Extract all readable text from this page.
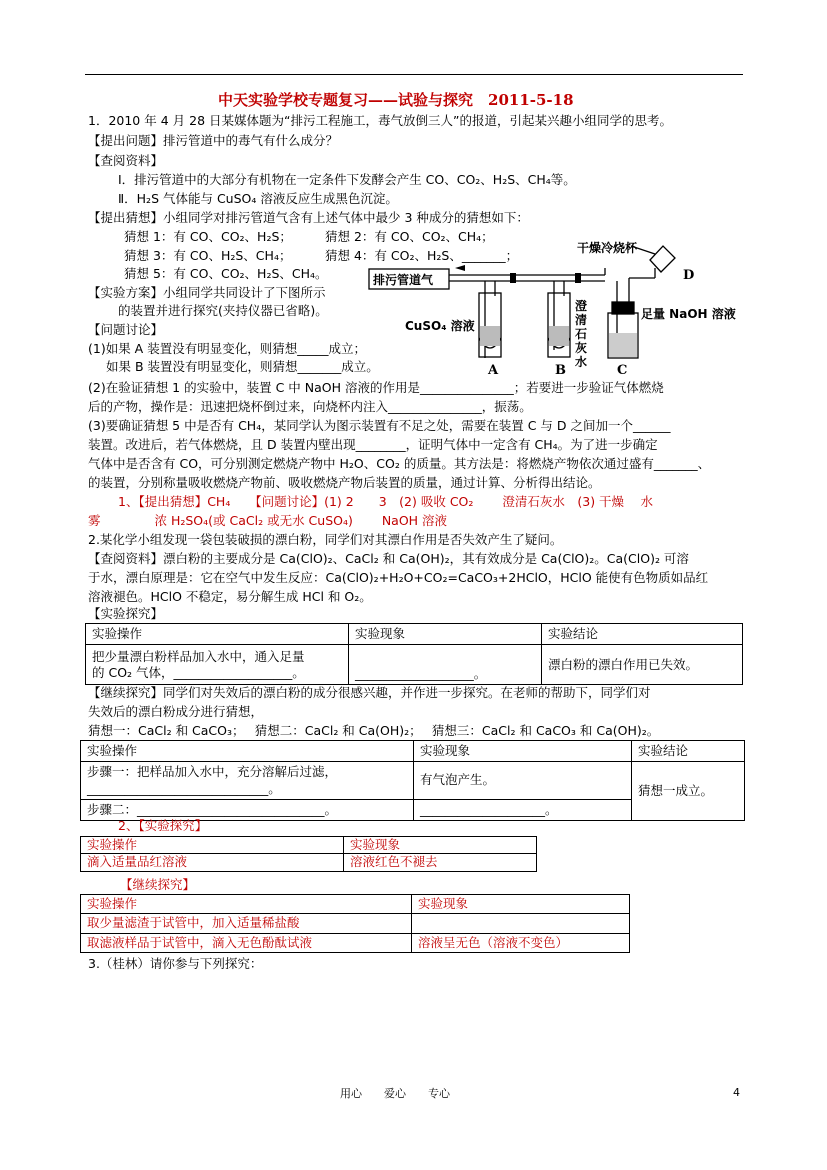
中天实验学校专题复习——试验与探究　2011-5-18
1．2010 年 4 月 28 日某媒体题为“排污工程施工，毒气放倒三人”的报道，引起某兴趣小组同学的思考。
【提出问题】排污管道中的毒气有什么成分？
【查阅资料】
Ⅰ．排污管道中的大部分有机物在一定条件下发酵会产生 CO、CO₂、H₂S、CH₄等。
Ⅱ．H₂S 气体能与 CuSO₄ 溶液反应生成黑色沉淀。
【提出猜想】小组同学对排污管道气含有上述气体中最少 3 种成分的猜想如下：
猜想 1：有 CO、CO₂、H₂S；	猜想 2：有 CO、CO₂、CH₄；
猜想 3：有 CO、H₂S、CH₄；	猜想 4：有 CO₂、H₂S、_______；
猜想 5：有 CO、CO₂、H₂S、CH₄。
【实验方案】小组同学共同设计了下图所示
的装置并进行探究(夹持仪器已省略)。
【问题讨论】
(1)如果 A 装置没有明显变化，则猜想_____成立；
如果 B 装置没有明显变化，则猜想_______成立。
排污管道气
干燥冷烧杯
D
CuSO₄ 溶液
澄
清
石
灰
水
足量 NaOH 溶液
A	B	C
(2)在验证猜想 1 的实验中，装置 C 中 NaOH 溶液的作用是_______________；若要进一步验证气体燃烧
后的产物，操作是：迅速把烧杯倒过来，向烧杯内注入_______________，振荡。
(3)要确证猜想 5 中是否有 CH₄，某同学认为图示装置有不足之处，需要在装置 C 与 D 之间加一个______
装置。改进后，若气体燃烧，且 D 装置内壁出现________，证明气体中一定含有 CH₄。为了进一步确定
气体中是否含有 CO，可分别测定燃烧产物中 H₂O、CO₂ 的质量。其方法是：将燃烧产物依次通过盛有_______、
的装置，分别称量吸收燃烧产物前、吸收燃烧产物后装置的质量，通过计算、分析得出结论。
1、【提出猜想】CH₄　　【问题讨论】(1) 2　　3　(2) 吸收 CO₂　　 澄清石灰水　(3) 干燥　 水
雾　　　　 浓 H₂SO₄(或 CaCl₂ 或无水 CuSO₄)　　 NaOH 溶液
2.某化学小组发现一袋包装破损的漂白粉，同学们对其漂白作用是否失效产生了疑问。
【查阅资料】漂白粉的主要成分是 Ca(ClO)₂、CaCl₂ 和 Ca(OH)₂，其有效成分是 Ca(ClO)₂。Ca(ClO)₂ 可溶
于水，漂白原理是：它在空气中发生反应：Ca(ClO)₂+H₂O+CO₂=CaCO₃+2HClO，HClO 能使有色物质如品红
溶液褪色。HClO 不稳定，易分解生成 HCl 和 O₂。
【实验探究】
实验操作	实验现象	实验结论

把少量漂白粉样品加入水中，通入足量
的 CO₂ 气体，___________________。	___________________。	漂白粉的漂白作用已失效。
【继续探究】同学们对失效后的漂白粉的成分很感兴趣，并作进一步探究。在老师的帮助下，同学们对
失效后的漂白粉成分进行猜想，
猜想一：CaCl₂ 和 CaCO₃；　 猜想二：CaCl₂ 和 Ca(OH)₂；　 猜想三：CaCl₂ 和 CaCO₃ 和 Ca(OH)₂。
实验操作	实验现象	实验结论

步骤一：把样品加入水中，充分溶解后过滤，
_____________________________。	有气泡产生。	猜想一成立。
步骤二：______________________________。	____________________。	
2、【实验探究】
实验操作	实验现象
滴入适量品红溶液	溶液红色不褪去
【继续探究】
实验操作	实验现象
取少量滤渣于试管中，加入适量稀盐酸	
取滤液样品于试管中，滴入无色酚酞试液	溶液呈无色（溶液不变色）
3.（桂林）请你参与下列探究：
用心　　爱心　　专心	4
